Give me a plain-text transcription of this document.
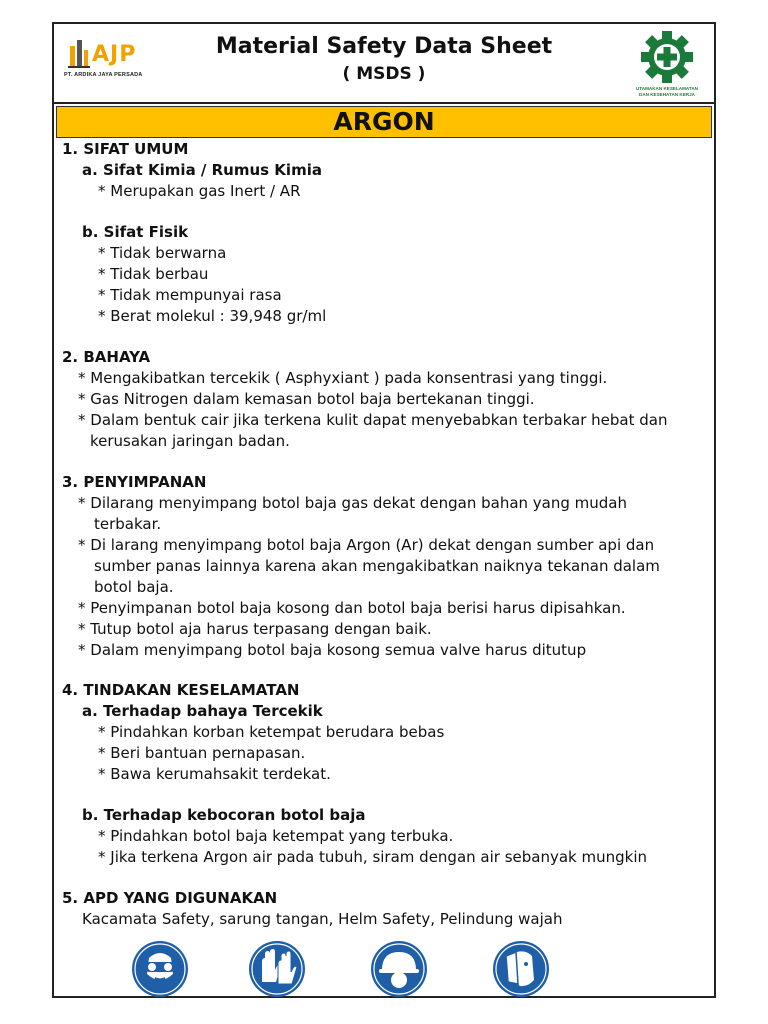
AJP
PT. ARDIKA JAYA PERSADA
Material Safety Data Sheet
( MSDS )
UTAMAKAN KESELAMATAN
DAN KESEHATAN KERJA
ARGON
1. SIFAT UMUM
a. Sifat Kimia / Rumus Kimia
* Merupakan gas Inert / AR
b. Sifat Fisik
* Tidak berwarna
* Tidak berbau
* Tidak mempunyai rasa
* Berat molekul : 39,948 gr/ml
2. BAHAYA
* Mengakibatkan tercekik ( Asphyxiant ) pada konsentrasi yang tinggi.
* Gas Nitrogen dalam kemasan botol baja bertekanan tinggi.
* Dalam bentuk cair jika terkena kulit dapat menyebabkan terbakar hebat dan
kerusakan jaringan badan.
3. PENYIMPANAN
* Dilarang menyimpang botol baja gas dekat dengan bahan yang mudah
terbakar.
* Di larang menyimpang botol baja Argon (Ar) dekat dengan sumber api dan
sumber panas lainnya karena akan mengakibatkan naiknya tekanan dalam
botol baja.
* Penyimpanan botol baja kosong dan botol baja berisi harus dipisahkan.
* Tutup botol aja harus terpasang dengan baik.
* Dalam menyimpang botol baja kosong semua valve harus ditutup
4. TINDAKAN KESELAMATAN
a. Terhadap bahaya Tercekik
* Pindahkan korban ketempat berudara bebas
* Beri bantuan pernapasan.
* Bawa kerumahsakit terdekat.
b. Terhadap kebocoran botol baja
* Pindahkan botol baja ketempat yang terbuka.
* Jika terkena Argon air pada tubuh, siram dengan air sebanyak mungkin
5. APD YANG DIGUNAKAN
Kacamata Safety, sarung tangan, Helm Safety, Pelindung wajah
